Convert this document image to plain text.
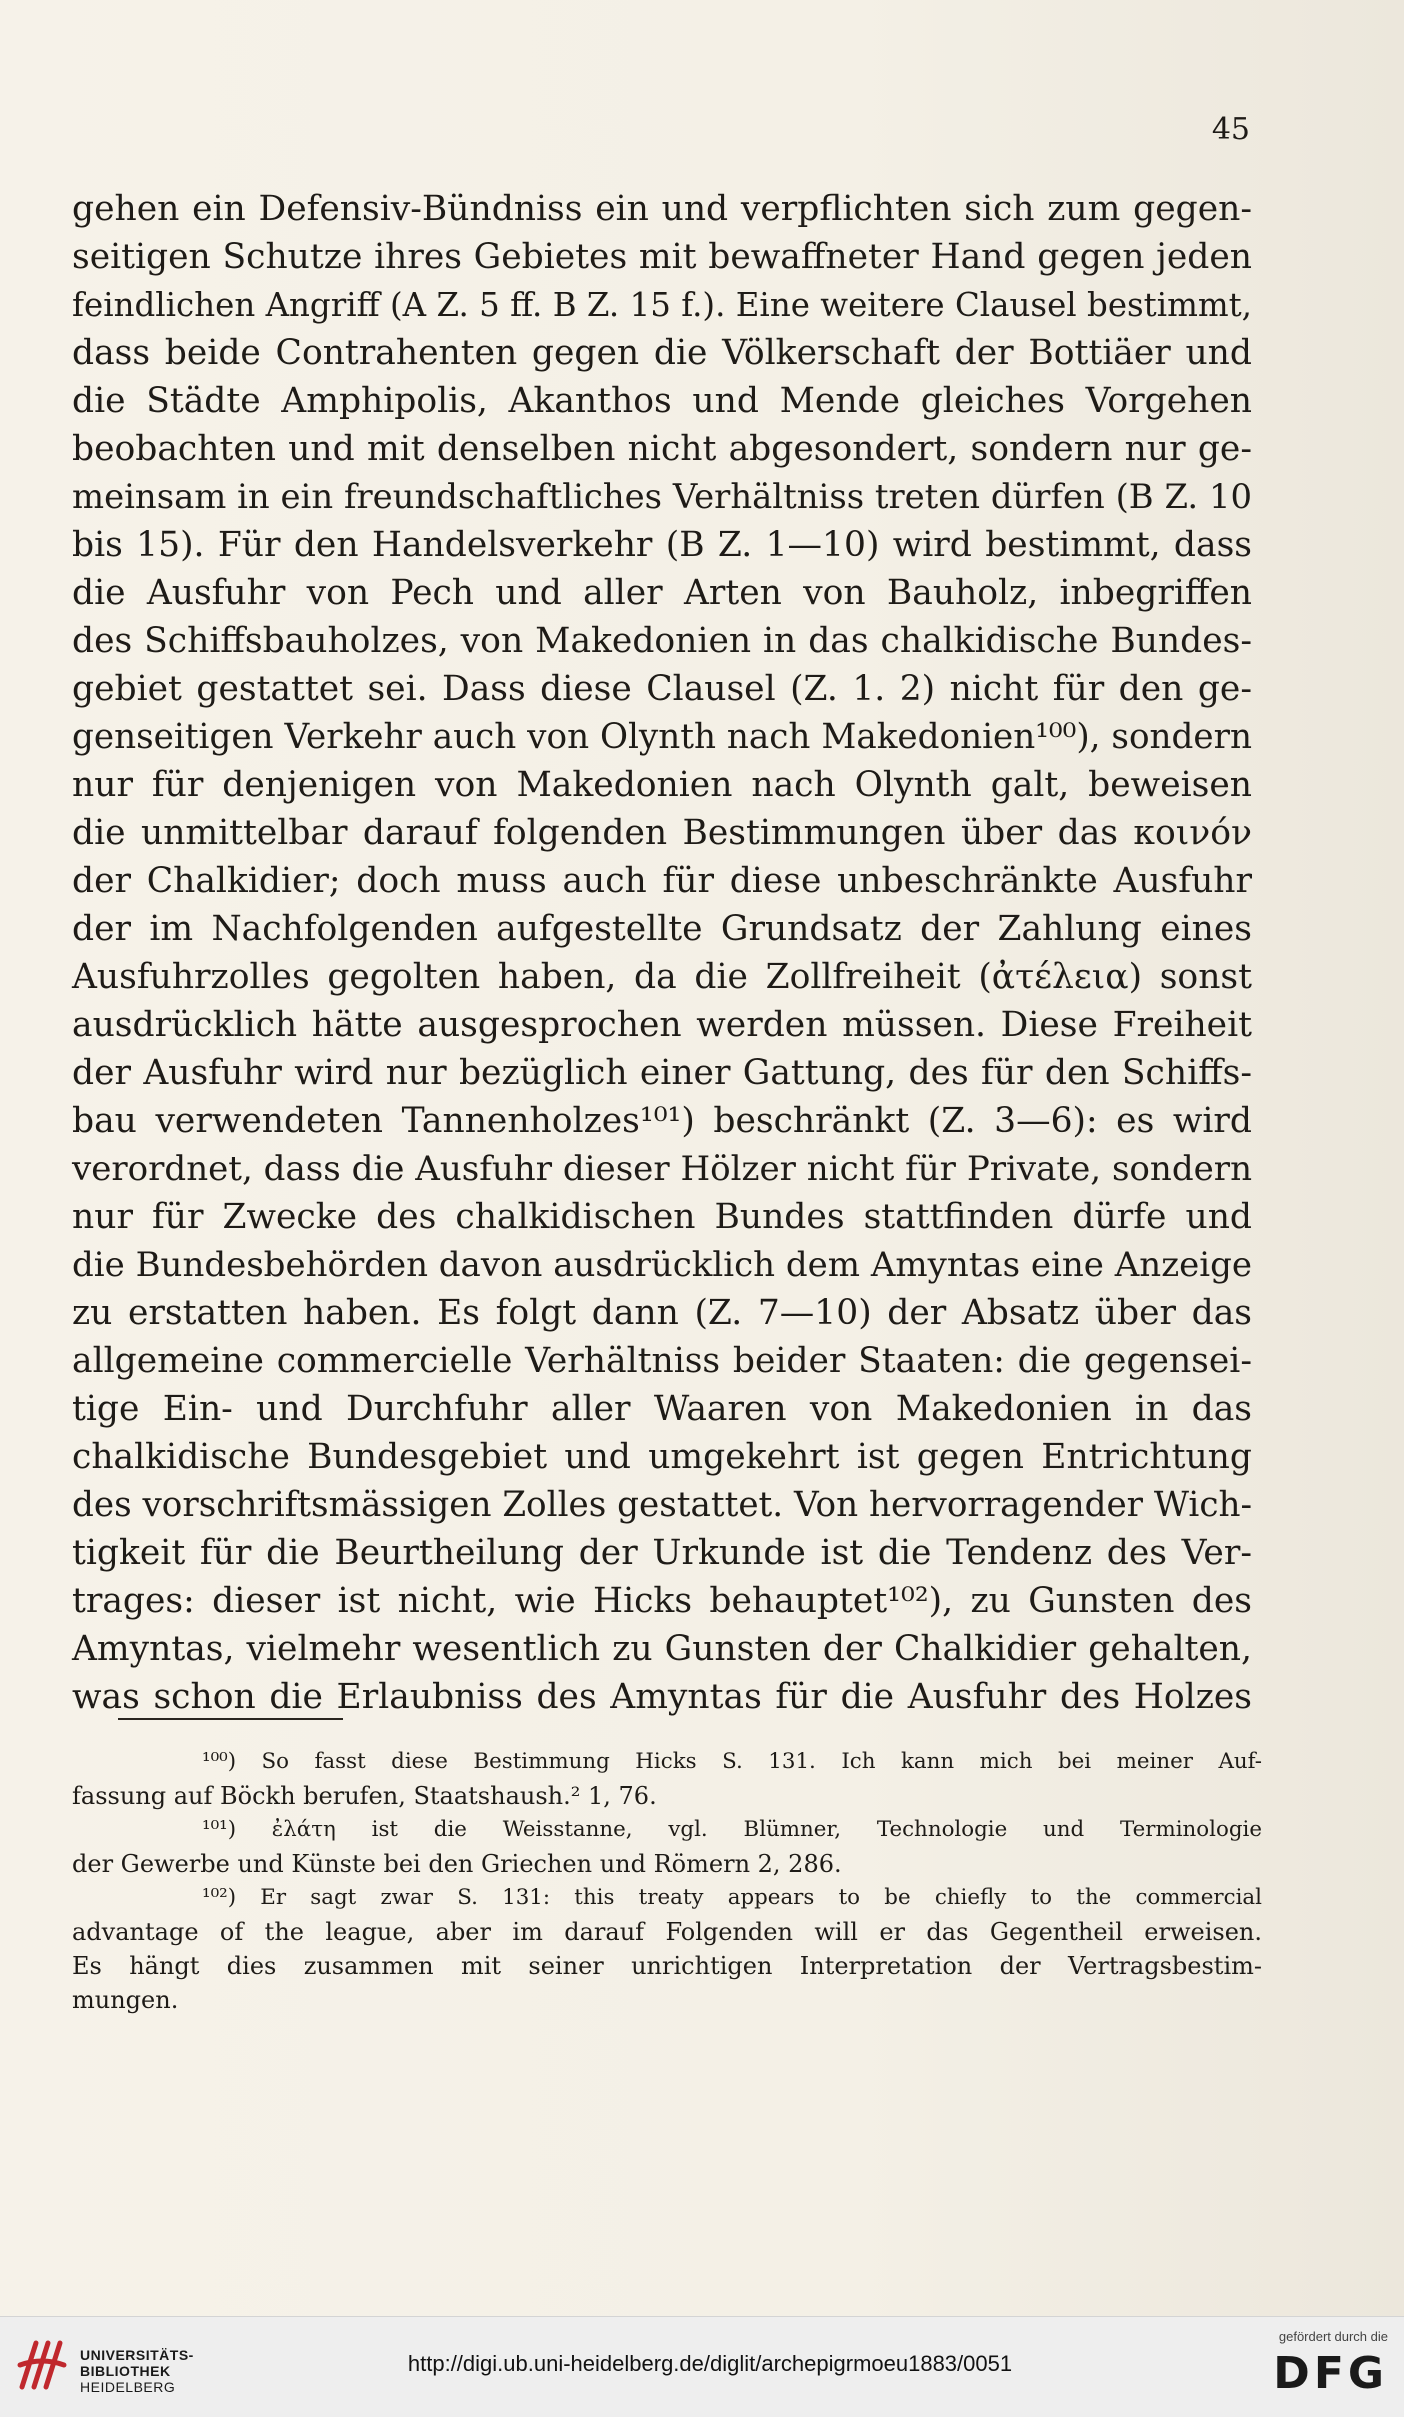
45
gehen ein Defensiv-Bündniss ein und verpflichten sich zum gegen-
seitigen Schutze ihres Gebietes mit bewaffneter Hand gegen jeden
feindlichen Angriff (A Z. 5 ff. B Z. 15 f.). Eine weitere Clausel bestimmt,
dass beide Contrahenten gegen die Völkerschaft der Bottiäer und
die Städte Amphipolis, Akanthos und Mende gleiches Vorgehen
beobachten und mit denselben nicht abgesondert, sondern nur ge-
meinsam in ein freundschaftliches Verhältniss treten dürfen (B Z. 10
bis 15). Für den Handelsverkehr (B Z. 1—10) wird bestimmt, dass
die Ausfuhr von Pech und aller Arten von Bauholz, inbegriffen
des Schiffsbauholzes, von Makedonien in das chalkidische Bundes-
gebiet gestattet sei. Dass diese Clausel (Z. 1. 2) nicht für den ge-
genseitigen Verkehr auch von Olynth nach Makedonien¹⁰⁰), sondern
nur für denjenigen von Makedonien nach Olynth galt, beweisen
die unmittelbar darauf folgenden Bestimmungen über das κοινόν
der Chalkidier; doch muss auch für diese unbeschränkte Ausfuhr
der im Nachfolgenden aufgestellte Grundsatz der Zahlung eines
Ausfuhrzolles gegolten haben, da die Zollfreiheit (ἀτέλεια) sonst
ausdrücklich hätte ausgesprochen werden müssen. Diese Freiheit
der Ausfuhr wird nur bezüglich einer Gattung, des für den Schiffs-
bau verwendeten Tannenholzes¹⁰¹) beschränkt (Z. 3—6): es wird
verordnet, dass die Ausfuhr dieser Hölzer nicht für Private, sondern
nur für Zwecke des chalkidischen Bundes stattfinden dürfe und
die Bundesbehörden davon ausdrücklich dem Amyntas eine Anzeige
zu erstatten haben. Es folgt dann (Z. 7—10) der Absatz über das
allgemeine commercielle Verhältniss beider Staaten: die gegensei-
tige Ein- und Durchfuhr aller Waaren von Makedonien in das
chalkidische Bundesgebiet und umgekehrt ist gegen Entrichtung
des vorschriftsmässigen Zolles gestattet. Von hervorragender Wich-
tigkeit für die Beurtheilung der Urkunde ist die Tendenz des Ver-
trages: dieser ist nicht, wie Hicks behauptet¹⁰²), zu Gunsten des
Amyntas, vielmehr wesentlich zu Gunsten der Chalkidier gehalten,
was schon die Erlaubniss des Amyntas für die Ausfuhr des Holzes
¹⁰⁰) So fasst diese Bestimmung Hicks S. 131. Ich kann mich bei meiner Auf-
fassung auf Böckh berufen, Staatshaush.² 1, 76.
¹⁰¹) ἐλάτη ist die Weisstanne, vgl. Blümner, Technologie und Terminologie
der Gewerbe und Künste bei den Griechen und Römern 2, 286.
¹⁰²) Er sagt zwar S. 131: this treaty appears to be chiefly to the commercial
advantage of the league, aber im darauf Folgenden will er das Gegentheil erweisen.
Es hängt dies zusammen mit seiner unrichtigen Interpretation der Vertragsbestim-
mungen.
UNIVERSITÄTS-
BIBLIOTHEK
HEIDELBERG
http://digi.ub.uni-heidelberg.de/diglit/archepigrmoeu1883/0051
gefördert durch die
DFG
